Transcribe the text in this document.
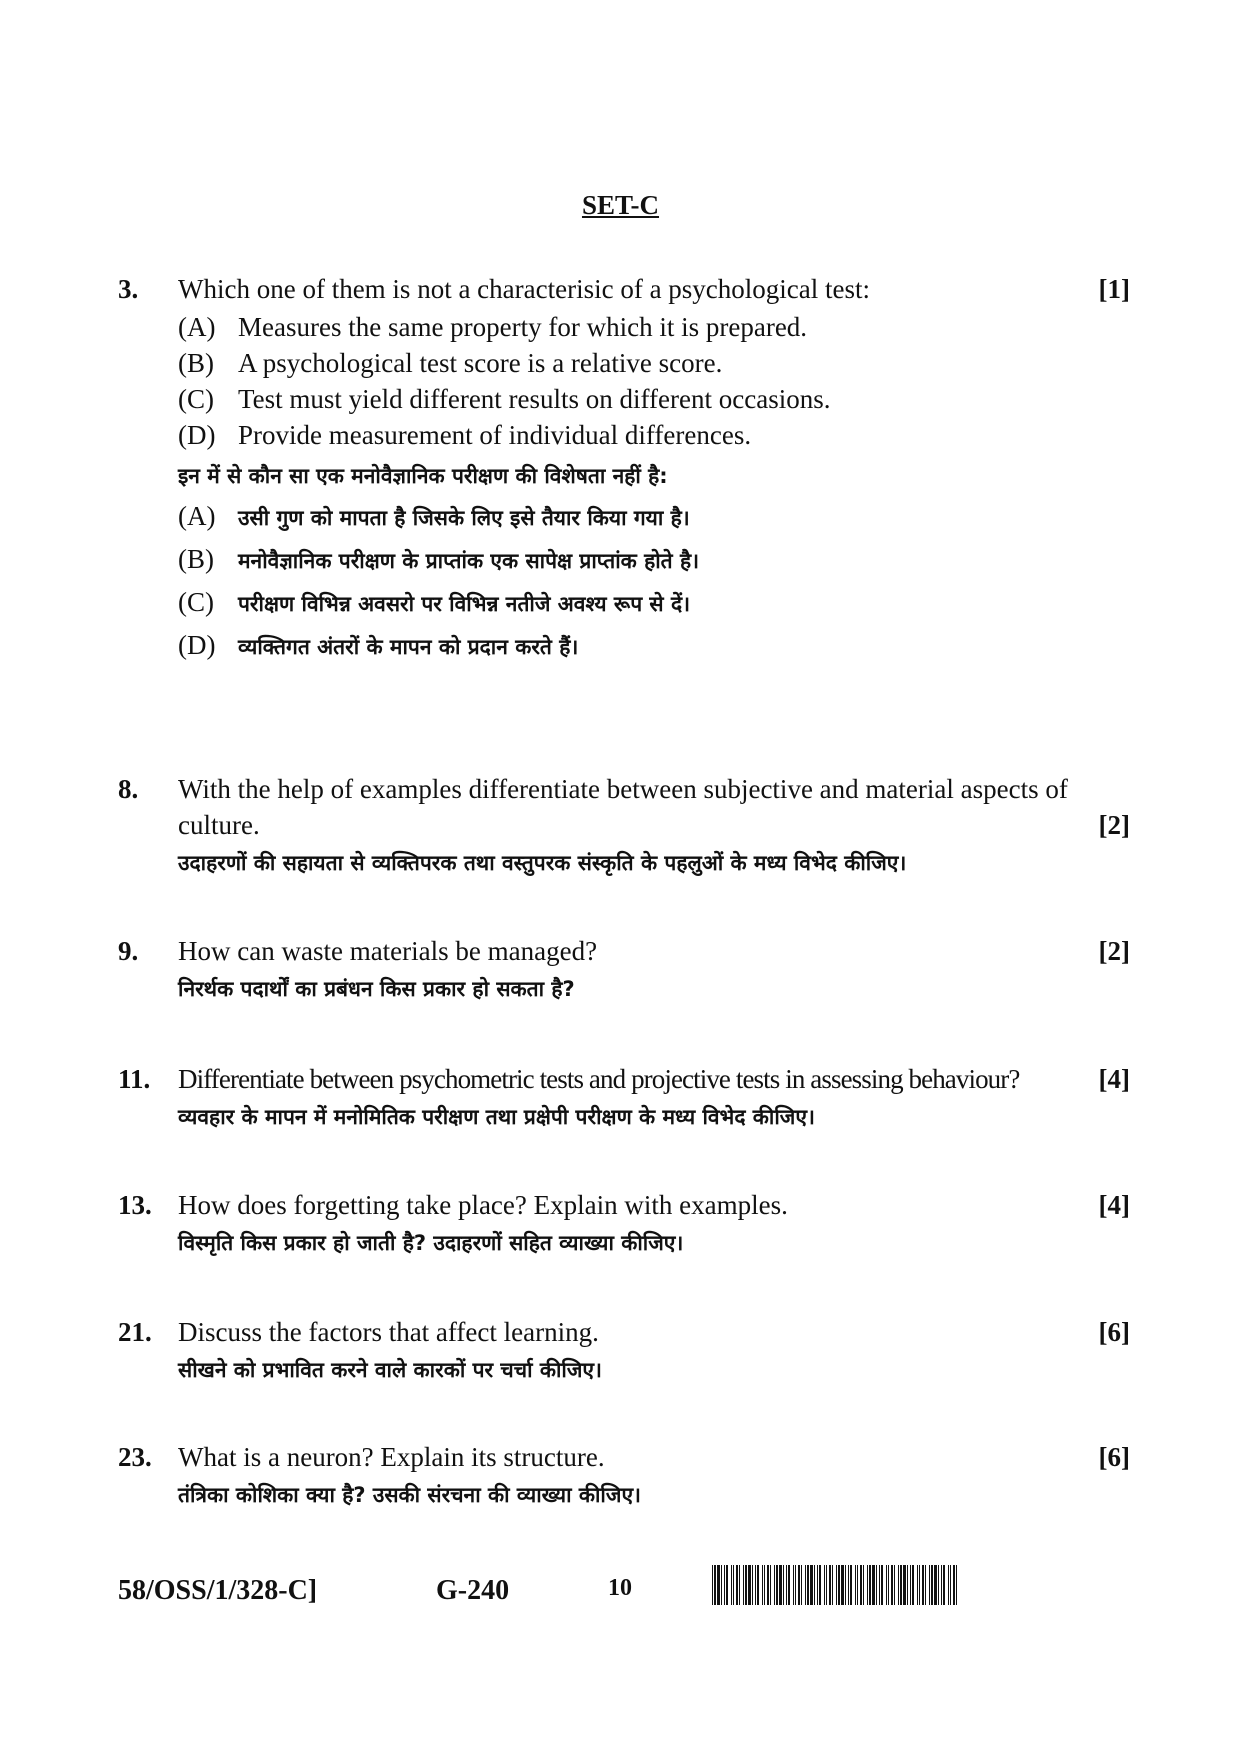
SET-C
3.	Which one of them is not a characterisic of a psychological test:	[1]
(A) Measures the same property for which it is prepared.
(B) A psychological test score is a relative score.
(C) Test must yield different results on different occasions.
(D) Provide measurement of individual differences.
इन में से कौन सा एक मनोवैज्ञानिक परीक्षण की विशेषता नहीं है:
(A)	उसी गुण को मापता है जिसके लिए इसे तैयार किया गया है।
(B)	मनोवैज्ञानिक परीक्षण के प्राप्तांक एक सापेक्ष प्राप्तांक होते है।
(C)	परीक्षण विभिन्न अवसरो पर विभिन्न नतीजे अवश्य रूप से दें।
(D)	व्यक्तिगत अंतरों के मापन को प्रदान करते हैं।
8.	With the help of examples differentiate between subjective and material aspects of
culture.	[2]
उदाहरणों की सहायता से व्यक्तिपरक तथा वस्तुपरक संस्कृति के पहलुओं के मध्य विभेद कीजिए।
9.	How can waste materials be managed?	[2]
निरर्थक पदार्थों का प्रबंधन किस प्रकार हो सकता है?
11.	Differentiate between psychometric tests and projective tests in assessing behaviour?	[4]
व्यवहार के मापन में मनोमितिक परीक्षण तथा प्रक्षेपी परीक्षण के मध्य विभेद कीजिए।
13. How does forgetting take place? Explain with examples.	[4]
विस्मृति किस प्रकार हो जाती है? उदाहरणों सहित व्याख्या कीजिए।
21. Discuss the factors that affect learning.	[6]
सीखने को प्रभावित करने वाले कारकों पर चर्चा कीजिए।
23. What is a neuron? Explain its structure.	[6]
तंत्रिका कोशिका क्या है? उसकी संरचना की व्याख्या कीजिए।
58/OSS/1/328-C]	G-240	10
